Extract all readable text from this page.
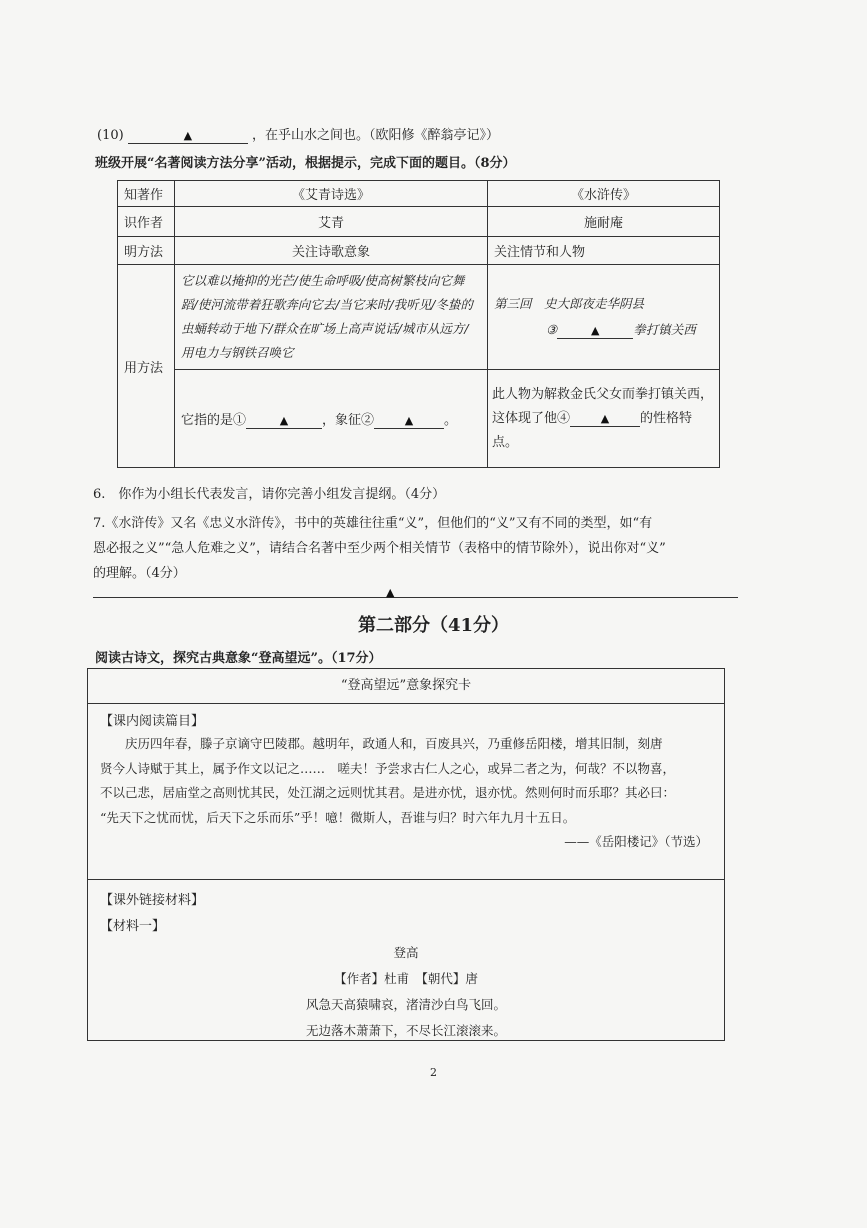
(10)	▲	，在乎山水之间也。（欧阳修《醉翁亭记》）
班级开展“名著阅读方法分享”活动，根据提示，完成下面的题目。（8分）
知著作	《艾青诗选》	《水浒传》
识作者	艾青	施耐庵
明方法	关注诗歌意象	关注情节和人物
用方法	它以难以掩抑的光芒/使生命呼吸/使高树繁枝向它舞蹈/使河流带着狂歌奔向它去/当它来时/我听见/冬蛰的虫蛹转动于地下/群众在旷场上高声说话/城市从远方/用电力与钢铁召唤它	第三回　史大郎夜走华阴县
③ ▲ 拳打镇关西

	它指的是① ▲ ，象征② ▲ 。	此人物为解救金氏父女而拳打镇关西，这体现了他④ ▲ 的性格特点。
6.　你作为小组长代表发言，请你完善小组发言提纲。（4分）
7.《水浒传》又名《忠义水浒传》，书中的英雄往往重“义”，但他们的“义”又有不同的类型，如“有
恩必报之义”“急人危难之义”，请结合名著中至少两个相关情节（表格中的情节除外），说出你对“义”
的理解。（4分）
▲
第二部分（41分）
阅读古诗文，探究古典意象“登高望远”。（17分）
“登高望远”意象探究卡
【课内阅读篇目】
庆历四年春，滕子京谪守巴陵郡。越明年，政通人和，百废具兴，乃重修岳阳楼，增其旧制，刻唐
贤今人诗赋于其上，属予作文以记之……　嗟夫！予尝求古仁人之心，或异二者之为，何哉？不以物喜，
不以己悲，居庙堂之高则忧其民，处江湖之远则忧其君。是进亦忧，退亦忧。然则何时而乐耶？其必曰：
“先天下之忧而忧，后天下之乐而乐”乎！噫！微斯人，吾谁与归？时六年九月十五日。
——《岳阳楼记》（节选）
【课外链接材料】
【材料一】
登高
【作者】杜甫　【朝代】唐
风急天高猿啸哀，渚清沙白鸟飞回。
无边落木萧萧下，不尽长江滚滚来。
2
